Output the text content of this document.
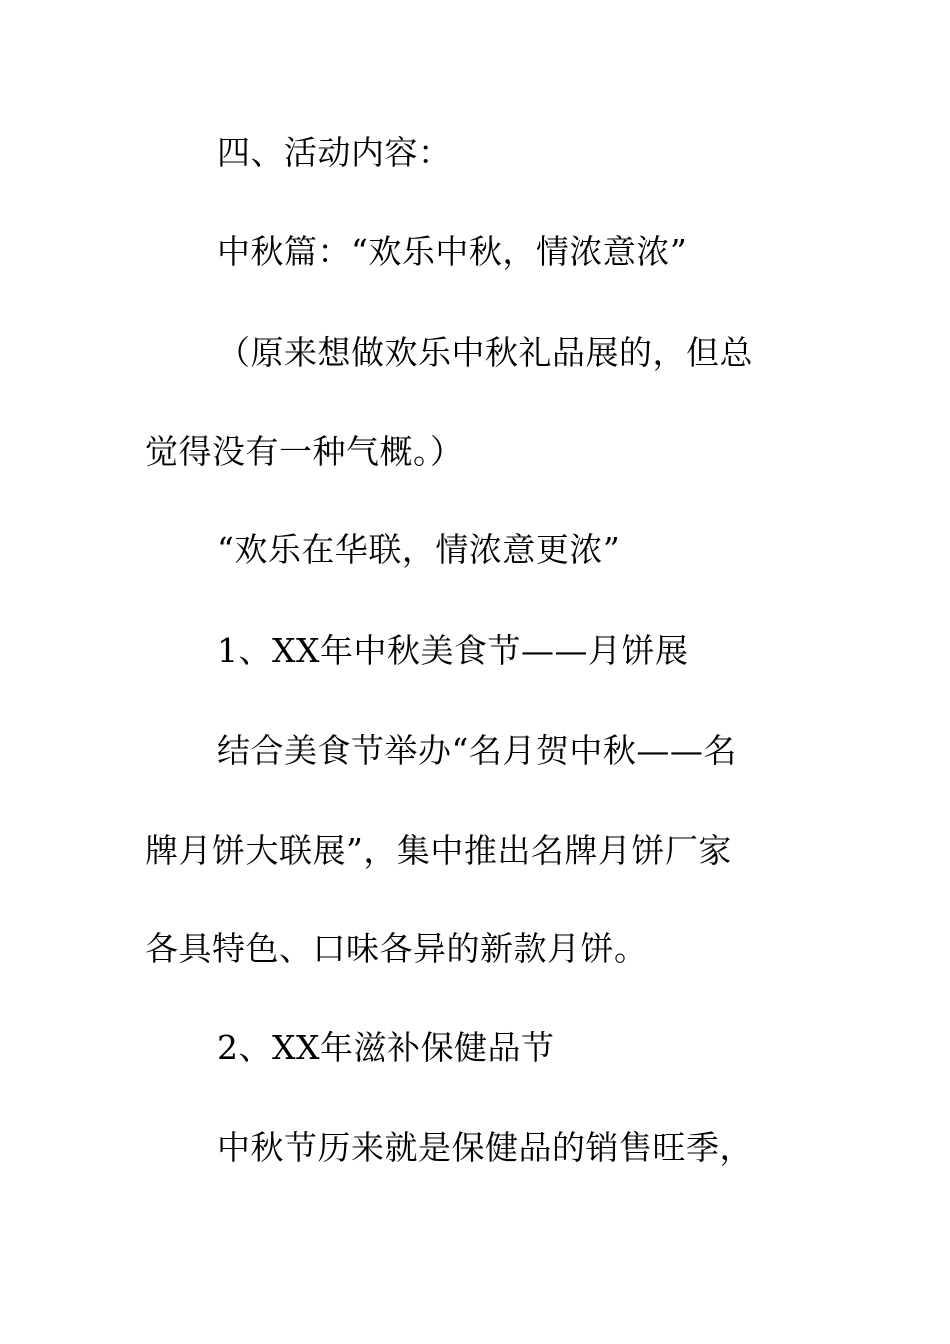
四、活动内容：
中秋篇：“欢乐中秋，情浓意浓”
（原来想做欢乐中秋礼品展的，但总
觉得没有一种气概。）
“欢乐在华联，情浓意更浓”
1、XX年中秋美食节——月饼展
结合美食节举办“名月贺中秋——名
牌月饼大联展”，集中推出名牌月饼厂家
各具特色、口味各异的新款月饼。
2、XX年滋补保健品节
中秋节历来就是保健品的销售旺季，
